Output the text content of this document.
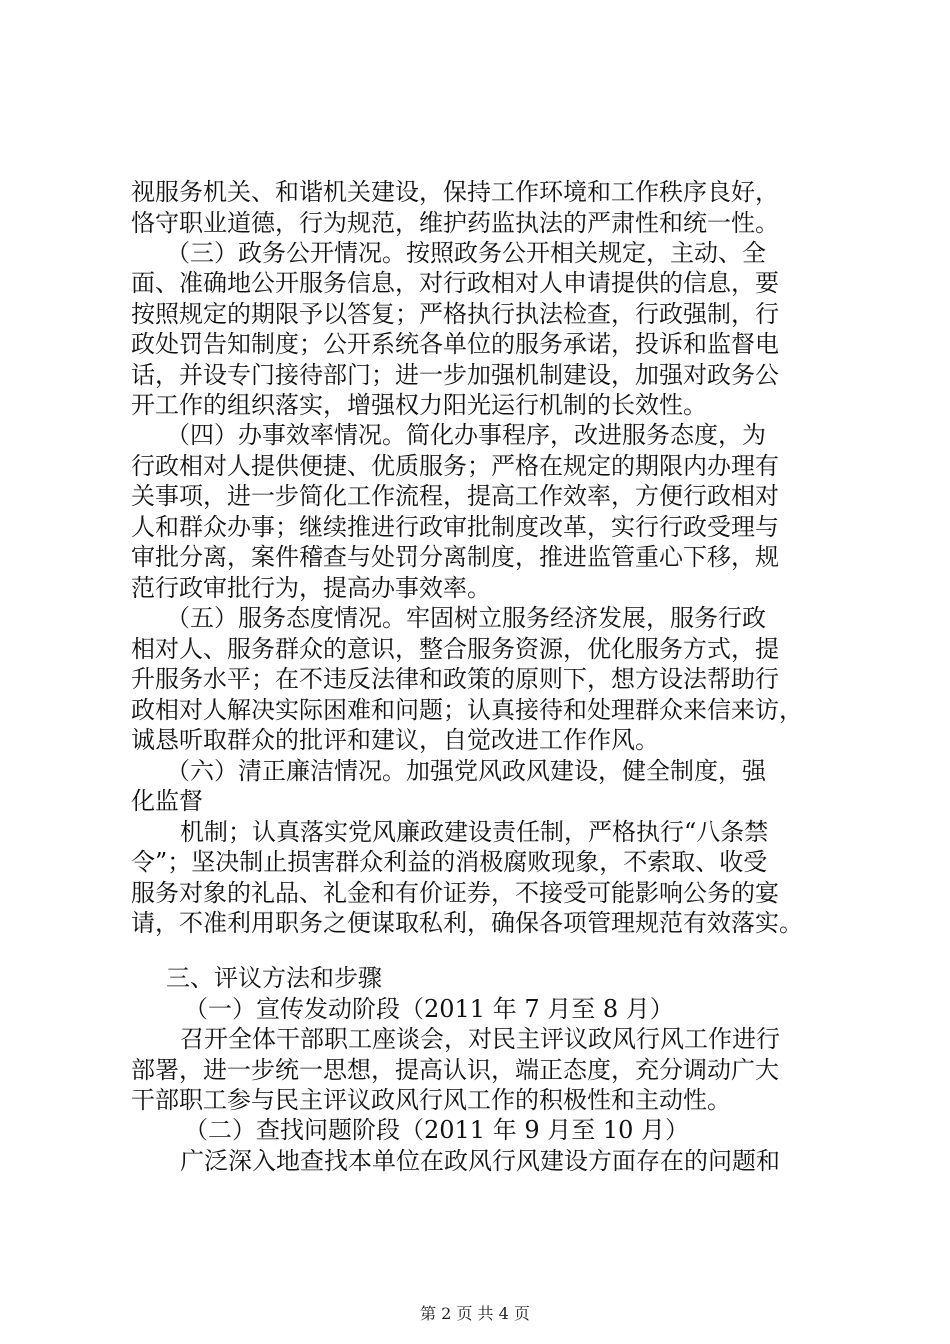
视服务机关、和谐机关建设，保持工作环境和工作秩序良好，
恪守职业道德，行为规范，维护药监执法的严肃性和统一性。
（三）政务公开情况。按照政务公开相关规定，主动、全
面、准确地公开服务信息，对行政相对人申请提供的信息，要
按照规定的期限予以答复；严格执行执法检查，行政强制，行
政处罚告知制度；公开系统各单位的服务承诺，投诉和监督电
话，并设专门接待部门；进一步加强机制建设，加强对政务公
开工作的组织落实，增强权力阳光运行机制的长效性。
（四）办事效率情况。简化办事程序，改进服务态度，为
行政相对人提供便捷、优质服务；严格在规定的期限内办理有
关事项，进一步简化工作流程，提高工作效率，方便行政相对
人和群众办事；继续推进行政审批制度改革，实行行政受理与
审批分离，案件稽查与处罚分离制度，推进监管重心下移，规
范行政审批行为，提高办事效率。
（五）服务态度情况。牢固树立服务经济发展，服务行政
相对人、服务群众的意识，整合服务资源，优化服务方式，提
升服务水平；在不违反法律和政策的原则下，想方设法帮助行
政相对人解决实际困难和问题；认真接待和处理群众来信来访，
诚恳听取群众的批评和建议，自觉改进工作作风。
（六）清正廉洁情况。加强党风政风建设，健全制度，强
化监督
机制；认真落实党风廉政建设责任制，严格执行“八条禁
令”；坚决制止损害群众利益的消极腐败现象，不索取、收受
服务对象的礼品、礼金和有价证券，不接受可能影响公务的宴
请，不准利用职务之便谋取私利，确保各项管理规范有效落实。
三、评议方法和步骤
（一）宣传发动阶段（2011 年 7 月至 8 月）
召开全体干部职工座谈会，对民主评议政风行风工作进行
部署，进一步统一思想，提高认识，端正态度，充分调动广大
干部职工参与民主评议政风行风工作的积极性和主动性。
（二）查找问题阶段（2011 年 9 月至 10 月）
广泛深入地查找本单位在政风行风建设方面存在的问题和
第 2 页 共 4 页
